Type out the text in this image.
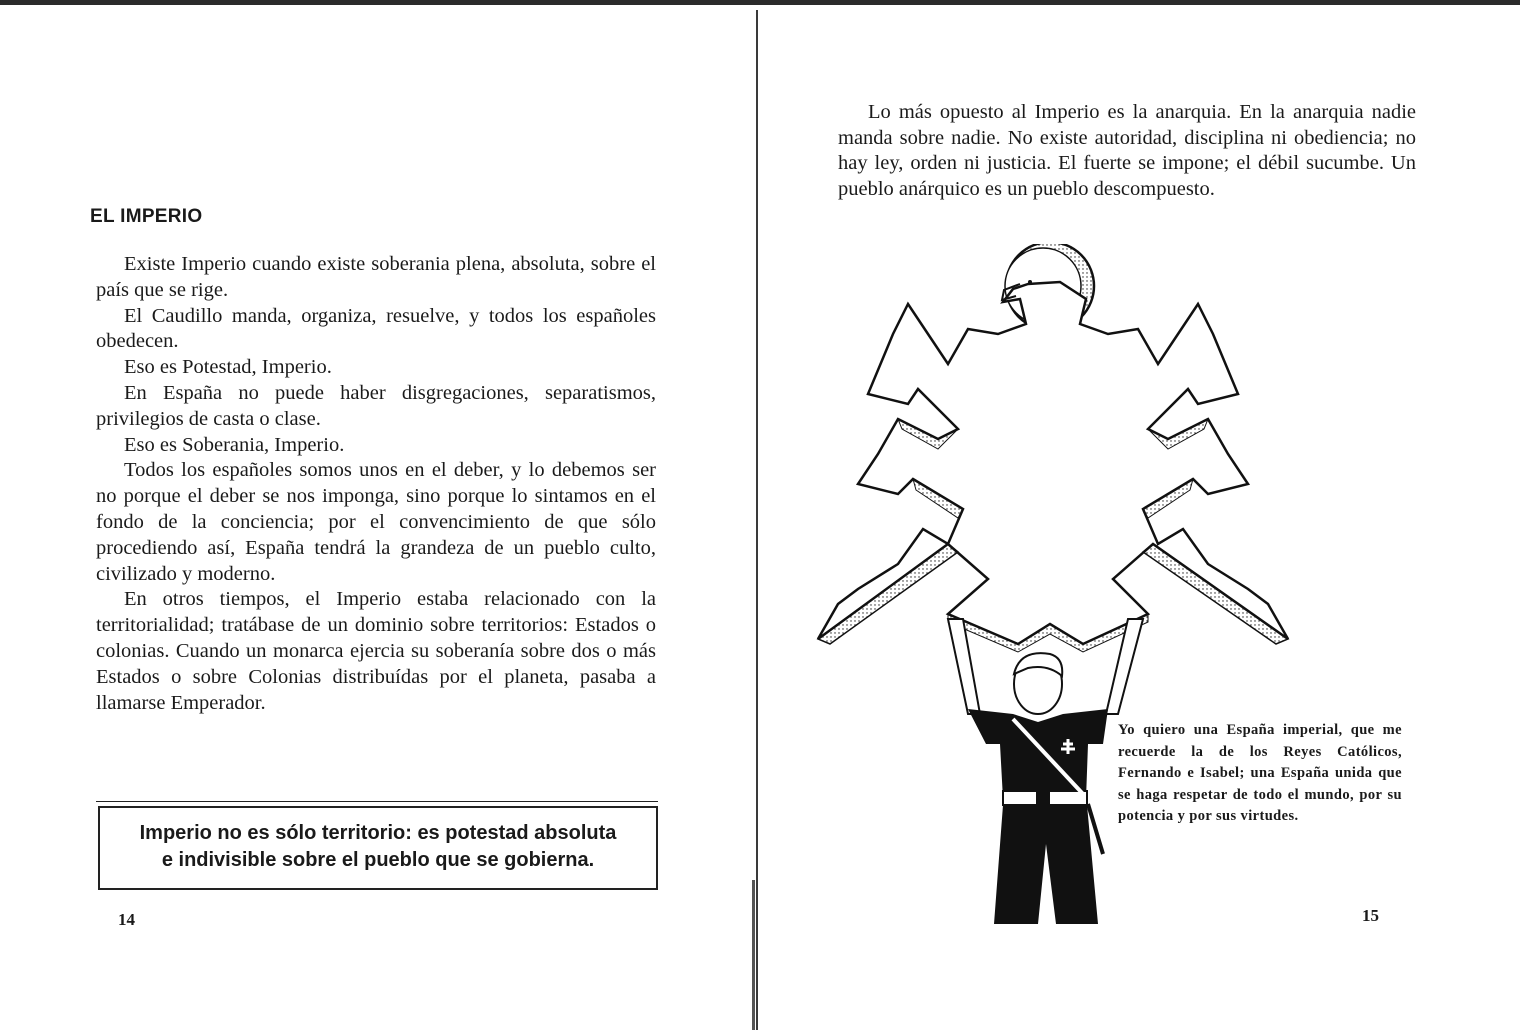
EL IMPERIO

Existe Imperio cuando existe soberania plena, absoluta, sobre el país que se rige.

El Caudillo manda, organiza, resuelve, y todos los españoles obedecen.

Eso es Potestad, Imperio.

En España no puede haber disgregaciones, separatismos, privilegios de casta o clase.

Eso es Soberania, Imperio.

Todos los españoles somos unos en el deber, y lo debemos ser no porque el deber se nos imponga, sino porque lo sintamos en el fondo de la conciencia; por el convencimiento de que sólo procediendo así, España tendrá la grandeza de un pueblo culto, civilizado y moderno.

En otros tiempos, el Imperio estaba relacionado con la territorialidad; tratábase de un dominio sobre territorios: Estados o colonias. Cuando un monarca ejercia su soberanía sobre dos o más Estados o sobre Colonias distribuídas por el planeta, pasaba a llamarse Emperador.

Imperio no es sólo territorio: es potestad absoluta
e indivisible sobre el pueblo que se gobierna.
14

Lo más opuesto al Imperio es la anarquia. En la anarquia nadie manda sobre nadie. No existe autoridad, disciplina ni obediencia; no hay ley, orden ni justicia. El fuerte se impone; el débil sucumbe. Un pueblo anárquico es un pueblo descompuesto.

Yo quiero una España imperial, que me recuerde la de los Reyes Católicos, Fernando e Isabel; una España unida que se haga respetar de todo el mundo, por su potencia y por sus virtudes.
15
